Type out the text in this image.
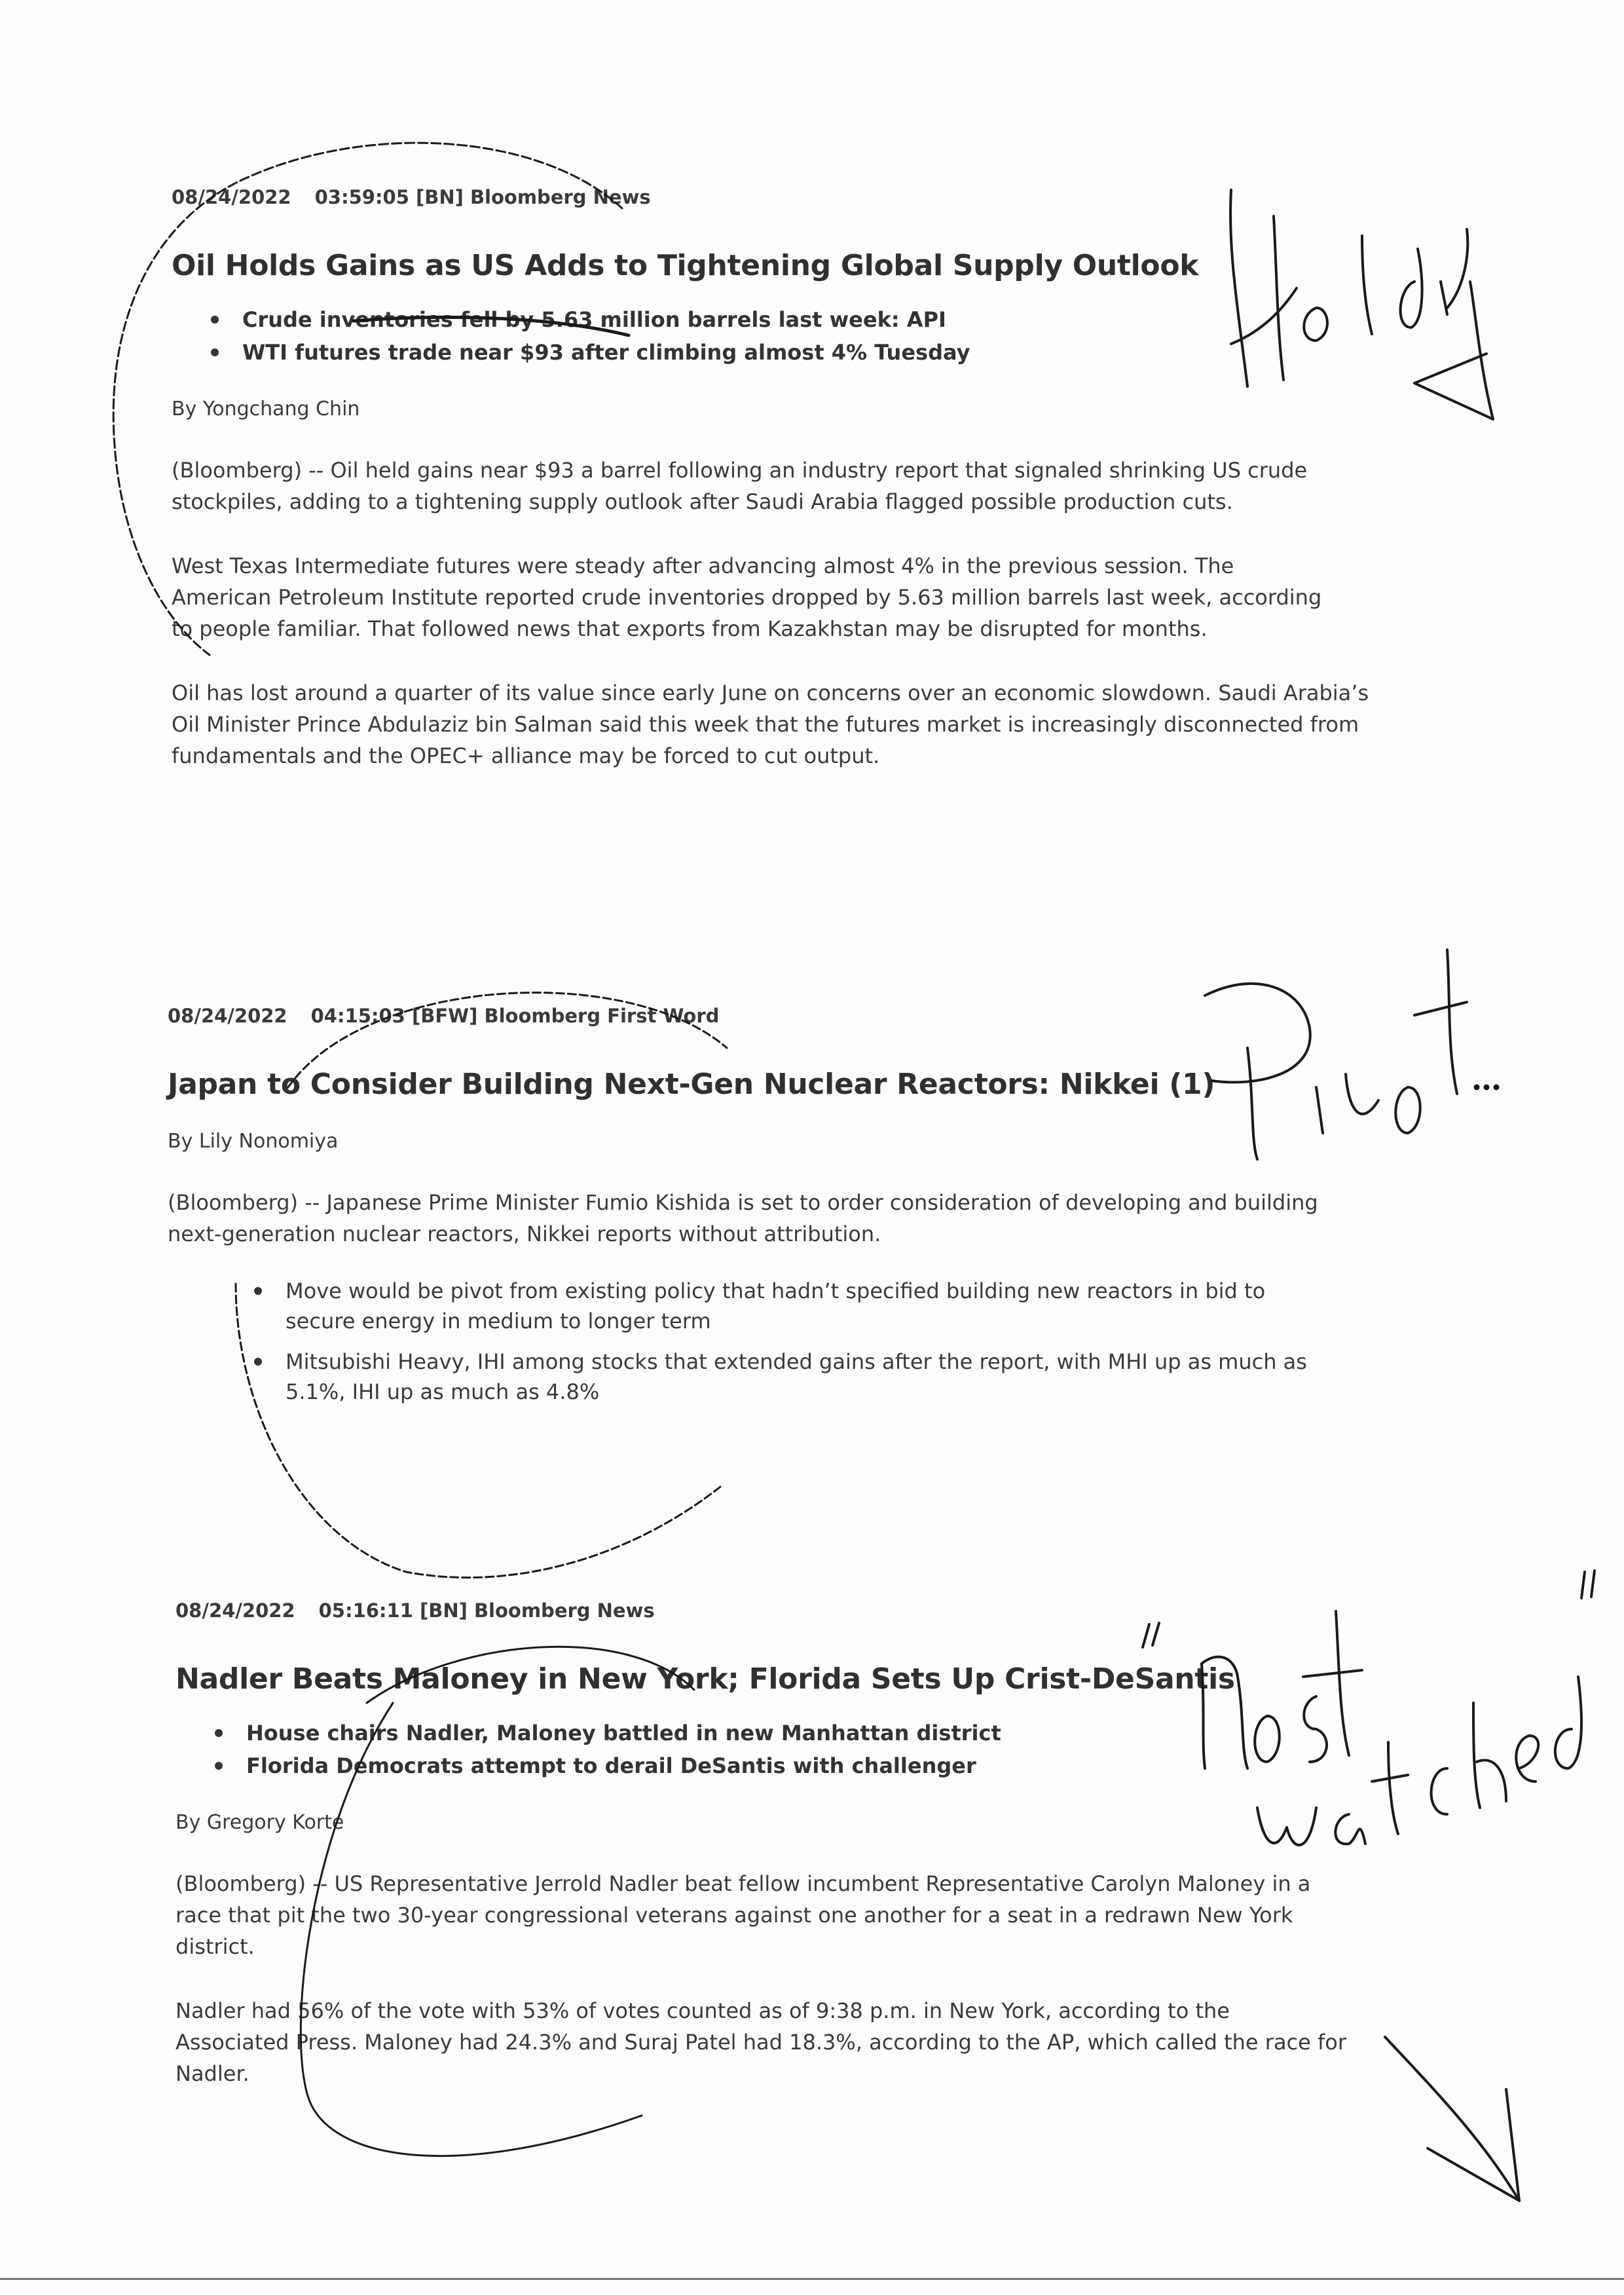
08/24/2022 03:59:05 [BN] Bloomberg News
Oil Holds Gains as US Adds to Tightening Global Supply Outlook
Crude inventories fell by 5.63 million barrels last week: API
WTI futures trade near $93 after climbing almost 4% Tuesday
By Yongchang Chin

(Bloomberg) -- Oil held gains near $93 a barrel following an industry report that signaled shrinking US crude stockpiles, adding to a tightening supply outlook after Saudi Arabia flagged possible production cuts.

West Texas Intermediate futures were steady after advancing almost 4% in the previous session. The American Petroleum Institute reported crude inventories dropped by 5.63 million barrels last week, according to people familiar. That followed news that exports from Kazakhstan may be disrupted for months.

Oil has lost around a quarter of its value since early June on concerns over an economic slowdown. Saudi Arabia’s Oil Minister Prince Abdulaziz bin Salman said this week that the futures market is increasingly disconnected from fundamentals and the OPEC+ alliance may be forced to cut output.

08/24/2022 04:15:03 [BFW] Bloomberg First Word
Japan to Consider Building Next-Gen Nuclear Reactors: Nikkei (1)
By Lily Nonomiya

(Bloomberg) -- Japanese Prime Minister Fumio Kishida is set to order consideration of developing and building next-generation nuclear reactors, Nikkei reports without attribution.

Move would be pivot from existing policy that hadn’t specified building new reactors in bid to secure energy in medium to longer term
Mitsubishi Heavy, IHI among stocks that extended gains after the report, with MHI up as much as 5.1%, IHI up as much as 4.8%
08/24/2022 05:16:11 [BN] Bloomberg News
Nadler Beats Maloney in New York; Florida Sets Up Crist-DeSantis
House chairs Nadler, Maloney battled in new Manhattan district
Florida Democrats attempt to derail DeSantis with challenger
By Gregory Korte

(Bloomberg) -- US Representative Jerrold Nadler beat fellow incumbent Representative Carolyn Maloney in a race that pit the two 30-year congressional veterans against one another for a seat in a redrawn New York district.

Nadler had 56% of the vote with 53% of votes counted as of 9:38 p.m. in New York, according to the Associated Press. Maloney had 24.3% and Suraj Patel had 18.3%, according to the AP, which called the race for Nadler.
